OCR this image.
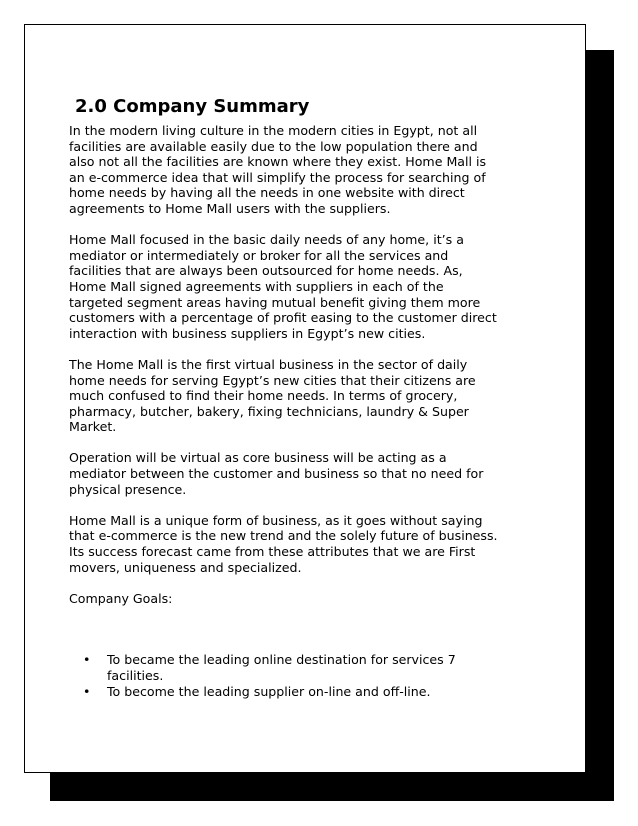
2.0 Company Summary

In the modern living culture in the modern cities in Egypt, not all facilities are available easily due to the low population there and also not all the facilities are known where they exist. Home Mall is an e-commerce idea that will simplify the process for searching of home needs by having all the needs in one website with direct agreements to Home Mall users with the suppliers.

Home Mall focused in the basic daily needs of any home, it’s a mediator or intermediately or broker for all the services and facilities that are always been outsourced for home needs. As, Home Mall signed agreements with suppliers in each of the targeted segment areas having mutual benefit giving them more customers with a percentage of profit easing to the customer direct interaction with business suppliers in Egypt’s new cities.

The Home Mall is the first virtual business in the sector of daily home needs for serving Egypt’s new cities that their citizens are much confused to find their home needs. In terms of grocery, pharmacy, butcher, bakery, fixing technicians, laundry & Super Market.

Operation will be virtual as core business will be acting as a mediator between the customer and business so that no need for physical presence.

Home Mall is a unique form of business, as it goes without saying that e-commerce is the new trend and the solely future of business. Its success forecast came from these attributes that we are First movers, uniqueness and specialized.

Company Goals:

• To became the leading online destination for services 7 facilities.
• To become the leading supplier on-line and off-line.
